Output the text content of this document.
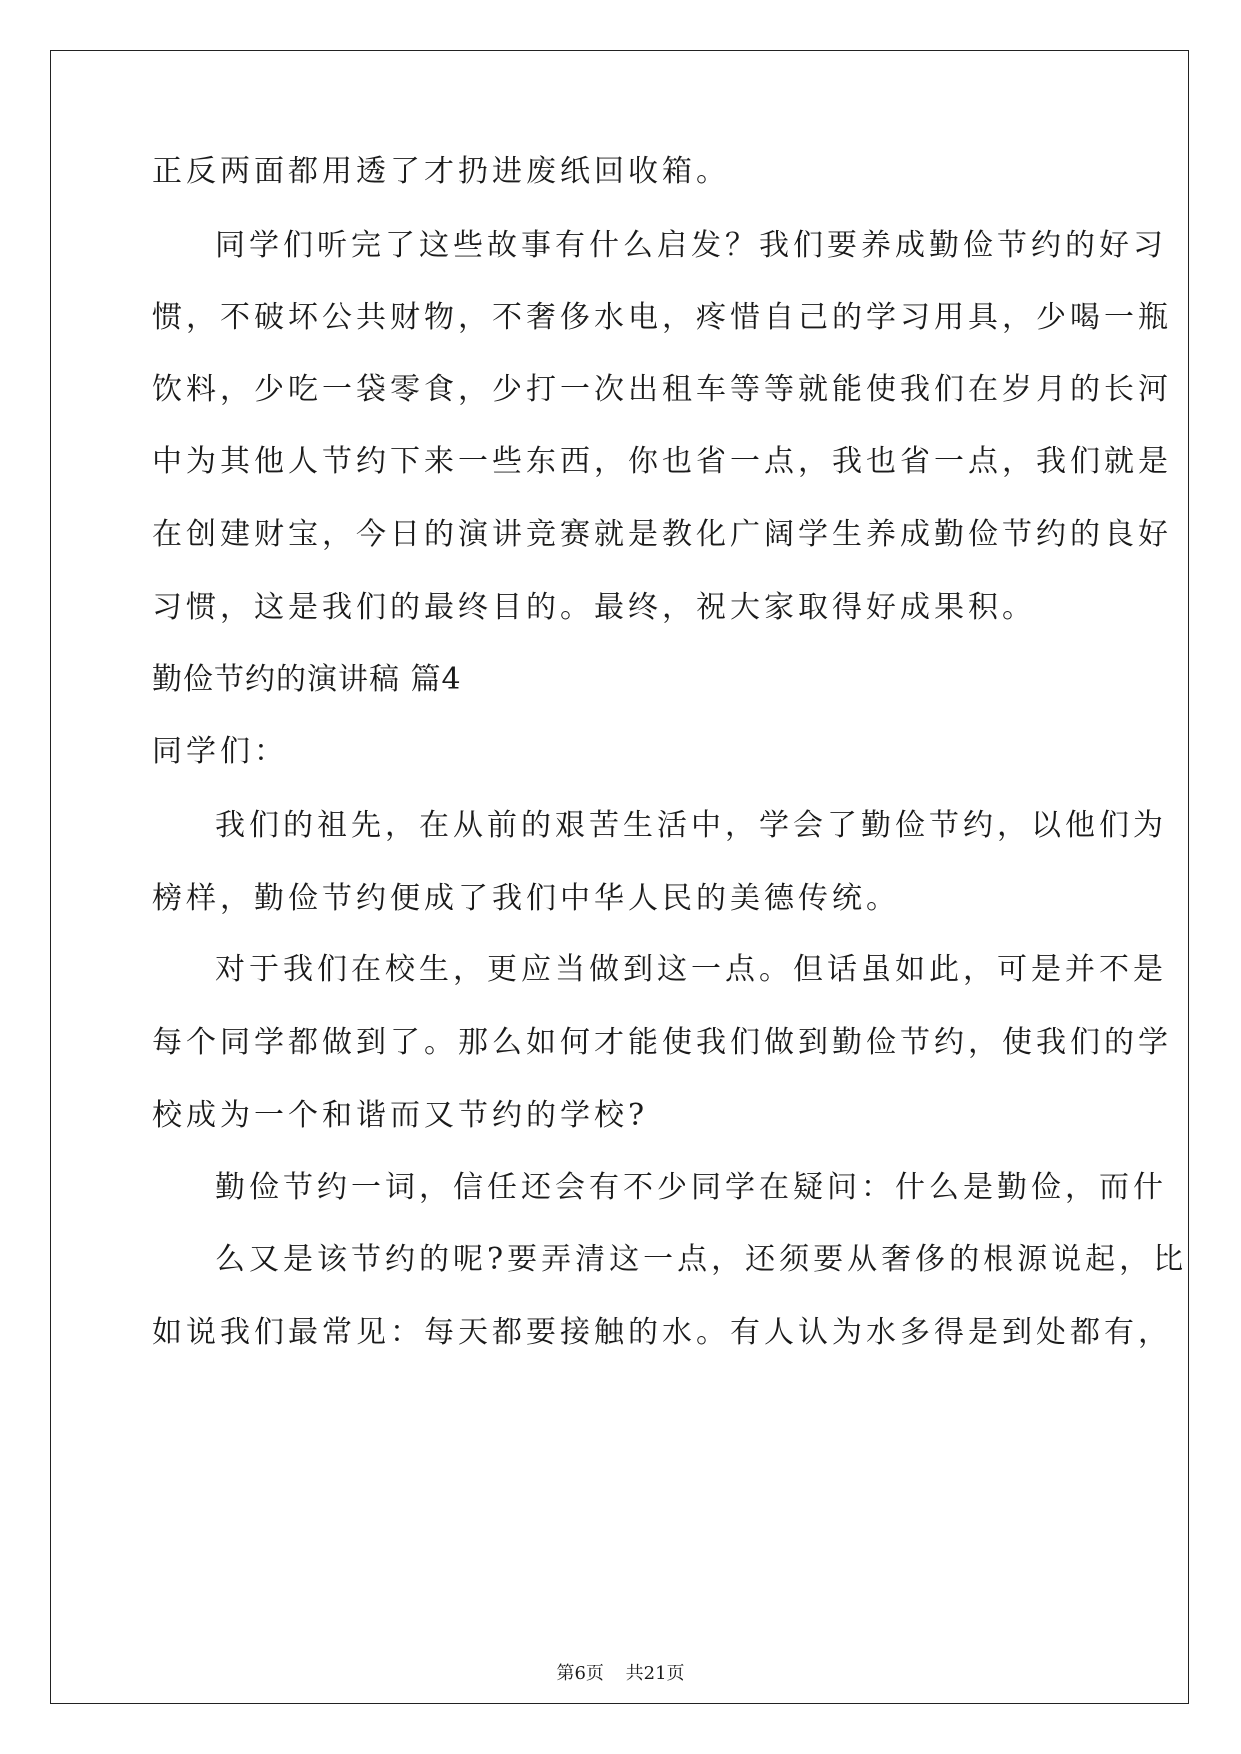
正反两面都用透了才扔进废纸回收箱。
同学们听完了这些故事有什么启发？我们要养成勤俭节约的好习
惯，不破坏公共财物，不奢侈水电，疼惜自己的学习用具，少喝一瓶
饮料，少吃一袋零食，少打一次出租车等等就能使我们在岁月的长河
中为其他人节约下来一些东西，你也省一点，我也省一点，我们就是
在创建财宝，今日的演讲竞赛就是教化广阔学生养成勤俭节约的良好
习惯，这是我们的最终目的。最终，祝大家取得好成果积。
勤俭节约的演讲稿 篇4
同学们：
我们的祖先，在从前的艰苦生活中，学会了勤俭节约，以他们为
榜样，勤俭节约便成了我们中华人民的美德传统。
对于我们在校生，更应当做到这一点。但话虽如此，可是并不是
每个同学都做到了。那么如何才能使我们做到勤俭节约，使我们的学
校成为一个和谐而又节约的学校?
勤俭节约一词，信任还会有不少同学在疑问：什么是勤俭，而什
么又是该节约的呢?要弄清这一点，还须要从奢侈的根源说起，比
如说我们最常见：每天都要接触的水。有人认为水多得是到处都有，
第6页 共21页
